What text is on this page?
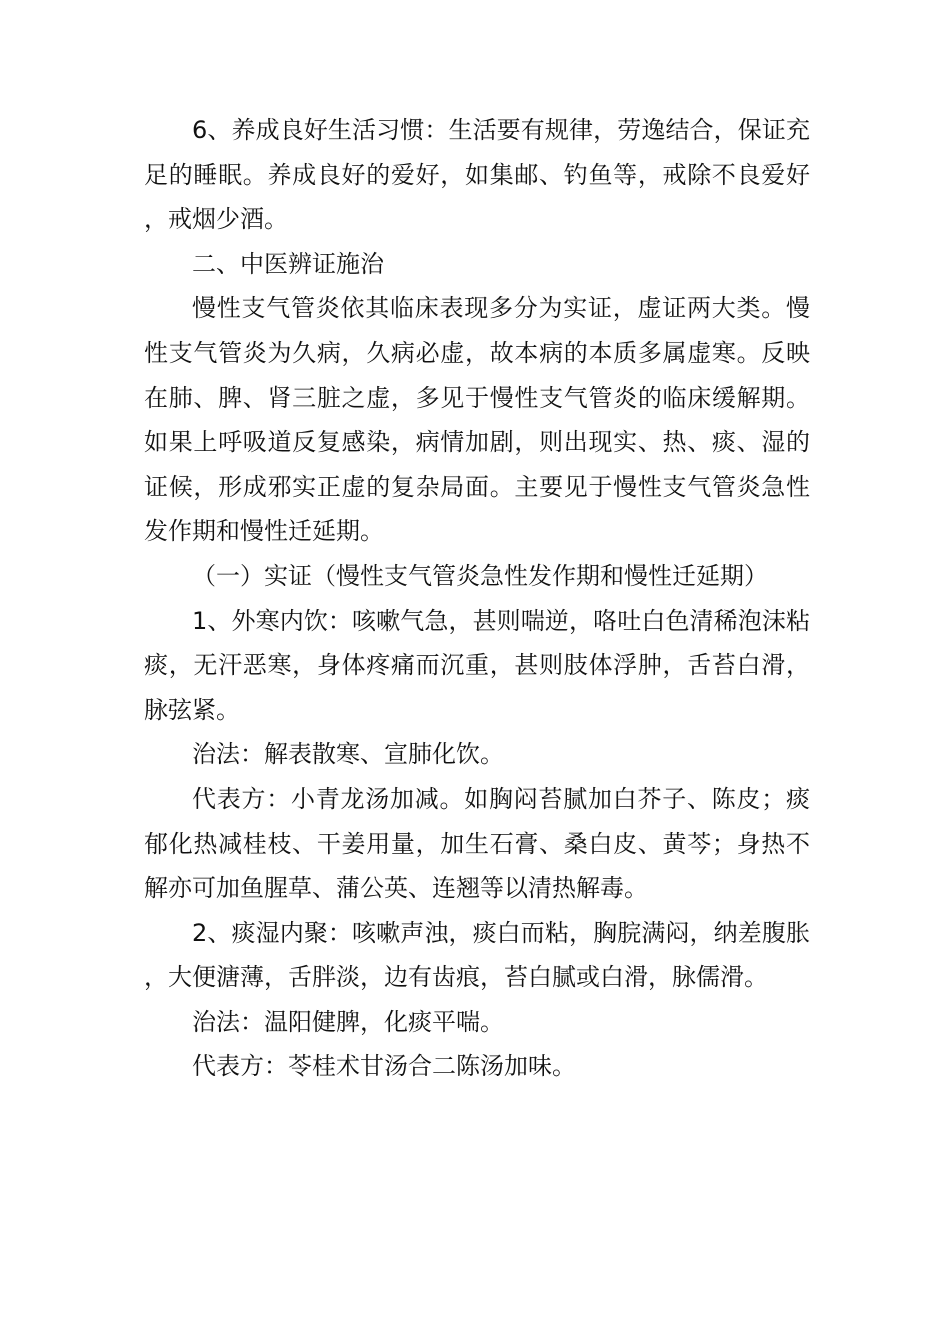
6、养成良好生活习惯：生活要有规律，劳逸结合，保证充足的睡眠。养成良好的爱好，如集邮、钓鱼等，戒除不良爱好，戒烟少酒。

二、中医辨证施治

慢性支气管炎依其临床表现多分为实证，虚证两大类。慢性支气管炎为久病，久病必虚，故本病的本质多属虚寒。反映在肺、脾、肾三脏之虚，多见于慢性支气管炎的临床缓解期。如果上呼吸道反复感染，病情加剧，则出现实、热、痰、湿的证候，形成邪实正虚的复杂局面。主要见于慢性支气管炎急性发作期和慢性迁延期。

（一）实证（慢性支气管炎急性发作期和慢性迁延期）

1、外寒内饮：咳嗽气急，甚则喘逆，咯吐白色清稀泡沫粘痰，无汗恶寒，身体疼痛而沉重，甚则肢体浮肿，舌苔白滑，脉弦紧。

治法：解表散寒、宣肺化饮。

代表方：小青龙汤加减。如胸闷苔腻加白芥子、陈皮；痰郁化热减桂枝、干姜用量，加生石膏、桑白皮、黄芩；身热不解亦可加鱼腥草、蒲公英、连翘等以清热解毒。

2、痰湿内聚：咳嗽声浊，痰白而粘，胸脘满闷，纳差腹胀，大便溏薄，舌胖淡，边有齿痕，苔白腻或白滑，脉儒滑。

治法：温阳健脾，化痰平喘。

代表方：苓桂术甘汤合二陈汤加味。
